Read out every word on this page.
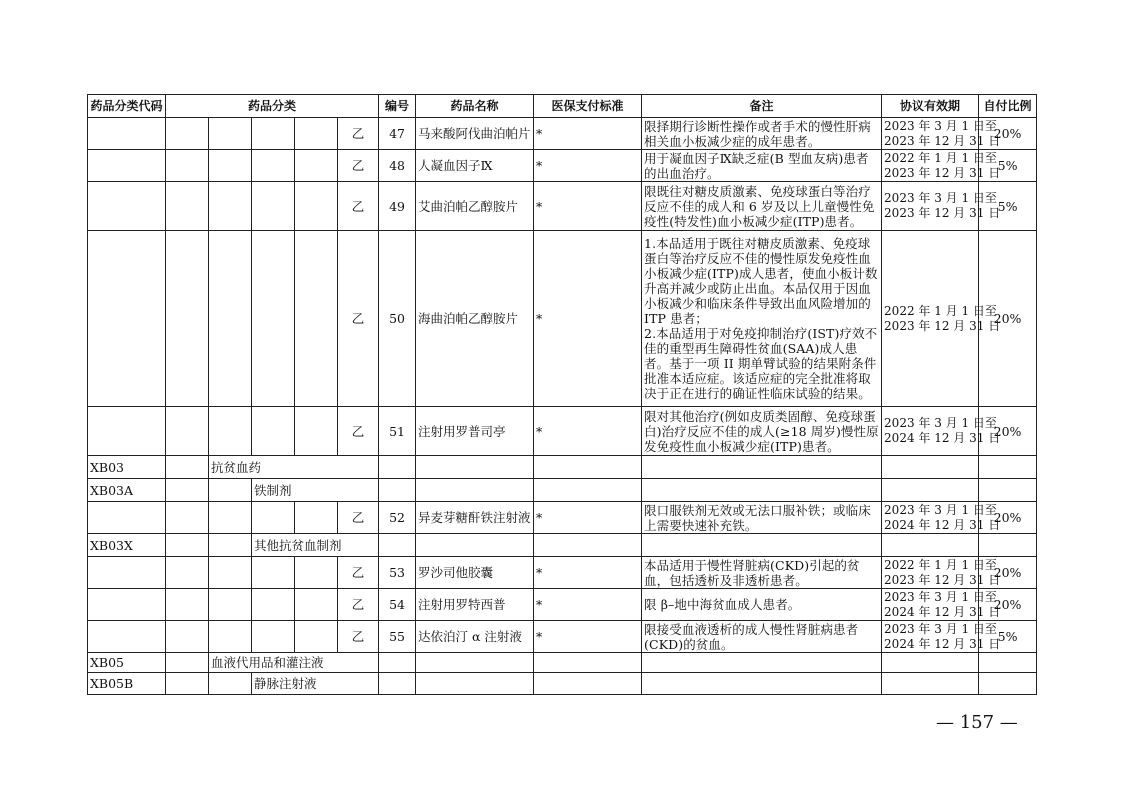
药品分类代码	药品分类					编号	药品名称	医保支付标准	备注	协议有效期	自付比例
					乙	47	马来酸阿伐曲泊帕片	*	限择期行诊断性操作或者手术的慢性肝病相关血小板减少症的成年患者。	2023 年 3 月 1 日至
2023 年 12 月 31 日	20%
					乙	48	人凝血因子Ⅸ	*	用于凝血因子Ⅸ缺乏症(B 型血友病)患者的出血治疗。	2022 年 1 月 1 日至
2023 年 12 月 31 日	5%
					乙	49	艾曲泊帕乙醇胺片	*	限既往对糖皮质激素、免疫球蛋白等治疗反应不佳的成人和 6 岁及以上儿童慢性免疫性(特发性)血小板减少症(ITP)患者。	2023 年 3 月 1 日至
2023 年 12 月 31 日	5%
					乙	50	海曲泊帕乙醇胺片	*	1.本品适用于既往对糖皮质激素、免疫球蛋白等治疗反应不佳的慢性原发免疫性血小板减少症(ITP)成人患者，使血小板计数升高并减少或防止出血。本品仅用于因血小板减少和临床条件导致出血风险增加的 ITP 患者；
2.本品适用于对免疫抑制治疗(IST)疗效不佳的重型再生障碍性贫血(SAA)成人患者。基于一项 II 期单臂试验的结果附条件批准本适应症。该适应症的完全批准将取决于正在进行的确证性临床试验的结果。	2022 年 1 月 1 日至
2023 年 12 月 31 日	20%
					乙	51	注射用罗普司亭	*	限对其他治疗(例如皮质类固醇、免疫球蛋白)治疗反应不佳的成人(≥18 周岁)慢性原发免疫性血小板减少症(ITP)患者。	2023 年 3 月 1 日至
2024 年 12 月 31 日	20%
XB03		抗贫血药									
XB03A			铁制剂								
					乙	52	异麦芽糖酐铁注射液	*	限口服铁剂无效或无法口服补铁；或临床上需要快速补充铁。	2023 年 3 月 1 日至
2024 年 12 月 31 日	20%
XB03X			其他抗贫血制剂								
					乙	53	罗沙司他胶囊	*	本品适用于慢性肾脏病(CKD)引起的贫血，包括透析及非透析患者。	2022 年 1 月 1 日至
2023 年 12 月 31 日	20%
					乙	54	注射用罗特西普	*	限 β–地中海贫血成人患者。	2023 年 3 月 1 日至
2024 年 12 月 31 日	20%
					乙	55	达依泊汀 α 注射液	*	限接受血液透析的成人慢性肾脏病患者(CKD)的贫血。	2023 年 3 月 1 日至
2024 年 12 月 31 日	5%
XB05		血液代用品和灌注液									
XB05B			静脉注射液								
— 157 —
